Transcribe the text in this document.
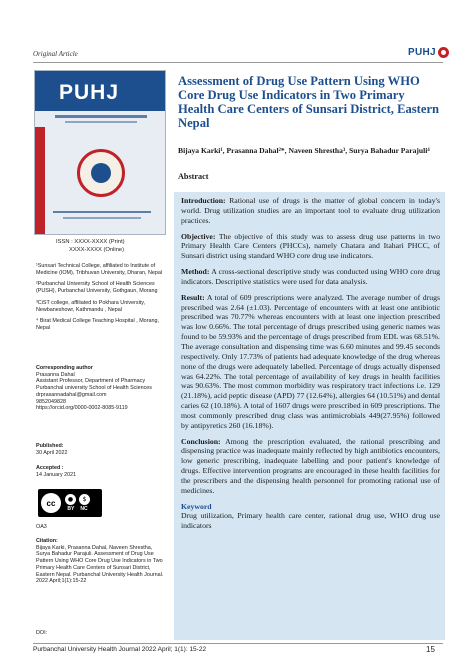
Original Article	PUHJ
PUHJ
ISSN : XXXX-XXXX (Print)
XXXX-XXXX (Online)

¹Sunsari Technical College, affiliated to Institute of Medicine (IOM), Tribhuvan University, Dharan, Nepal

²Purbanchal University School of Health Sciences (PUSH), Purbanchal University, Gothgaun, Morang

³CiST college, affiliated to Pokhara University, Newbaneshowr, Kathmandu , Nepal

⁴ Birat Medical College Teaching Hospital , Morang, Nepal

Corresponding author
Prasanna Dahal
Assistant Professor, Department of Pharmacy
Purbanchal university School of Health Sciences
drprasannadahal@gmail.com
9852049828
https://orcid.org/0000-0002-8085-9119
Published:
30 April 2022
Accepted :
14 January 2021
cc	●	$
BY NC
OA3
Citation:
Bijaya Karki, Prasanna Dahal, Naveen Shrestha, Surya Bahadur Parajuli. Assessment of Drug Use Pattern Using WHO Core Drug Use Indicators in Two Primary Health Care Centers of Sunsari District, Eastern Nepal. Purbanchal University Health Journal. 2022 April;1(1):15-22
DOI:
Assessment of Drug Use Pattern Using WHO Core Drug Use Indicators in Two Primary Health Care Centers of Sunsari District, Eastern Nepal
Bijaya Karki¹, Prasanna Dahal²*, Naveen Shrestha³, Surya Bahadur Parajuli⁴
Abstract

Introduction: Rational use of drugs is the matter of global concern in today's world. Drug utilization studies are an important tool to evaluate drug utilization practices.

Objective: The objective of this study was to assess drug use patterns in two Primary Health Care Centers (PHCCs), namely Chatara and Itahari PHCC, of Sunsari district using standard WHO core drug use indicators.

Method: A cross-sectional descriptive study was conducted using WHO core drug indicators. Descriptive statistics were used for data analysis.

Result: A total of 609 prescriptions were analyzed. The average number of drugs prescribed was 2.64 (±1.03). Percentage of encounters with at least one antibiotic prescribed was 70.77% whereas encounters with at least one injection prescribed was low 0.66%. The total percentage of drugs prescribed using generic names was found to be 59.93% and the percentage of drugs prescribed from EDL was 68.51%. The average consultation and dispensing time was 6.60 minutes and 99.45 seconds respectively. Only 17.73% of patients had adequate knowledge of the drug whereas none of the drugs were adequately labelled. Percentage of drugs actually dispensed was 64.22%. The total percentage of availability of key drugs in health facilities was 90.63%. The most common morbidity was respiratory tract infections i.e. 129 (21.18%), acid peptic disease (APD) 77 (12.64%), allergies 64 (10.51%) and dental caries 62 (10.18%). A total of 1607 drugs were prescribed in 609 prescriptions. The most commonly prescribed drug class was antimicrobials 449(27.95%) followed by antipyretics 260 (16.18%).

Conclusion: Among the prescription evaluated, the rational prescribing and dispensing practice was inadequate mainly reflected by high antibiotics encounters, low generic prescribing, inadequate labelling and poor patient's knowledge of drugs. Effective intervention programs are encouraged in these health facilities for the prescribers and the dispensing health personnel for promoting rational use of medicines.

Keyword
Drug utilization, Primary health care center, rational drug use, WHO drug use indicators
Purbanchal University Health Journal 2022 April; 1(1): 15-22	15
